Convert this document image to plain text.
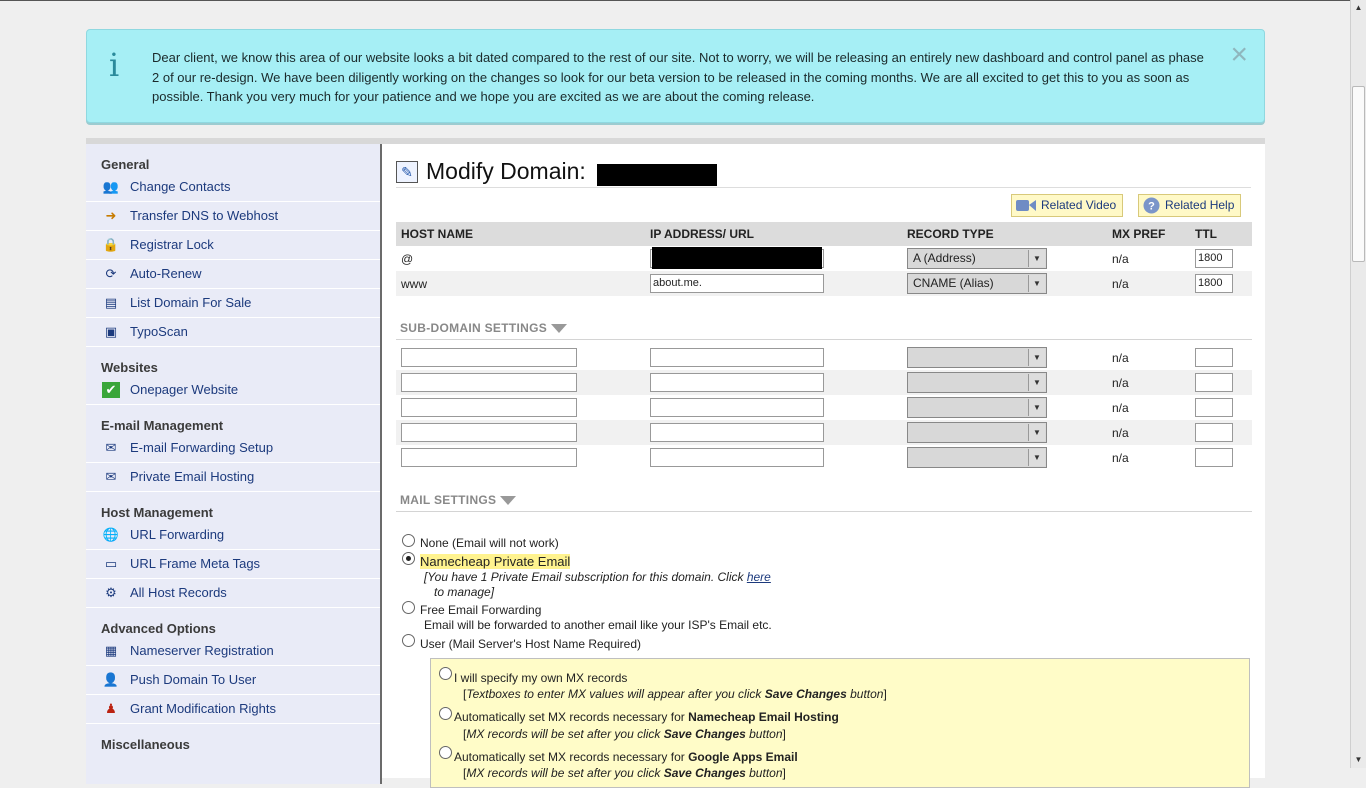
▲
▼
i	Dear client, we know this area of our website looks a bit dated compared to the rest of our site. Not to worry, we will be releasing an entirely new dashboard and control panel as phase 2 of our re-design. We have been diligently working on the changes so look for our beta version to be released in the coming months. We are all excited to get this to you as soon as possible. Thank you very much for your patience and we hope you are excited as we are about the coming release.
×
General
👥 Change Contacts
➜ Transfer DNS to Webhost
🔒 Registrar Lock
⟳ Auto-Renew
▤ List Domain For Sale
▣ TypoScan
Websites
✔ Onepager Website
E-mail Management
✉ E-mail Forwarding Setup
✉ Private Email Hosting
Host Management
🌐 URL Forwarding
▭ URL Frame Meta Tags
⚙ All Host Records
Advanced Options
▦ Nameserver Registration
👤 Push Domain To User
♟ Grant Modification Rights
Miscellaneous
✎ Modify Domain:
Related Video	? Related Help
HOST NAME	IP ADDRESS/ URL	RECORD TYPE	MX PREF	TTL
@		A (Address) ▼	n/a	1800
www	about.me.	CNAME (Alias) ▼	n/a	1800
SUB-DOMAIN SETTINGS

		▼	n/a	

		▼	n/a	

		▼	n/a	

		▼	n/a	

		▼	n/a	
MAIL SETTINGS
None (Email will not work)
Namecheap Private Email
[You have 1 Private Email subscription for this domain. Click here
to manage]
Free Email Forwarding
Email will be forwarded to another email like your ISP's Email etc.
User (Mail Server's Host Name Required)
I will specify my own MX records
[Textboxes to enter MX values will appear after you click Save Changes button]
Automatically set MX records necessary for Namecheap Email Hosting
[MX records will be set after you click Save Changes button]
Automatically set MX records necessary for Google Apps Email
[MX records will be set after you click Save Changes button]
